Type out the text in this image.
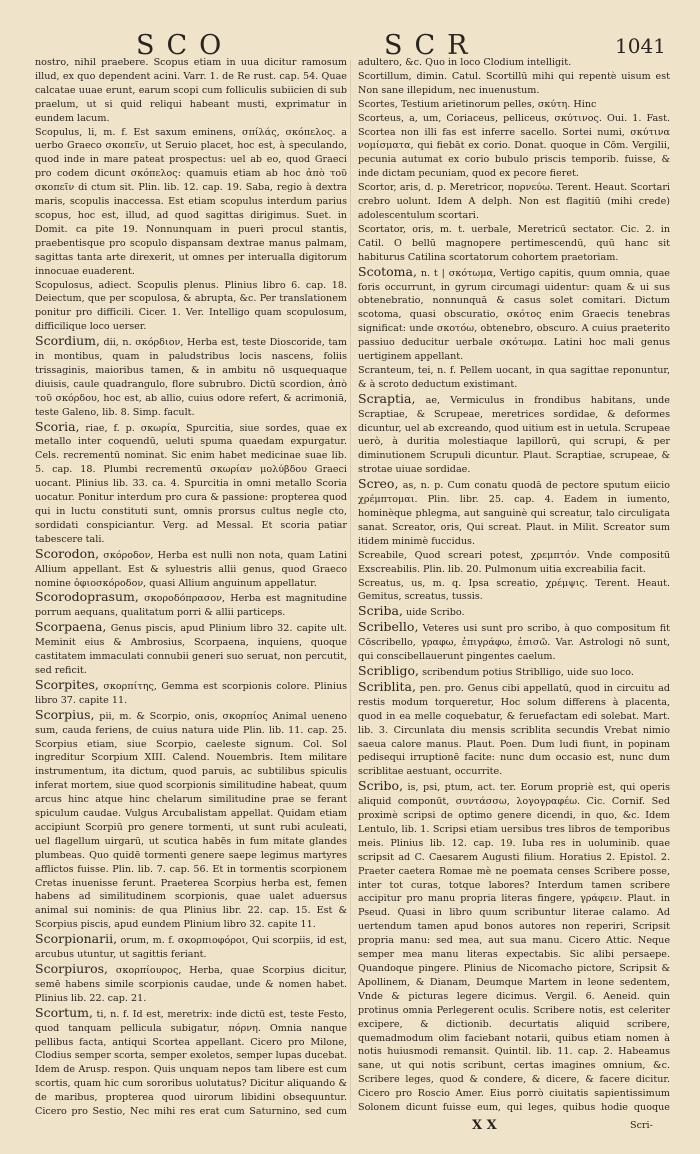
SCO	SCR	1041

nostro, nihil praebere. Scopus etiam in uua dicitur ramosum illud, ex quo dependent acini. Varr. 1. de Re rust. cap. 54. Quae calcatae uuae erunt, earum scopi cum folliculis subiicien di sub praelum, ut si quid reliqui habeant musti, exprimatur in eundem lacum.

Scopulus, li, m. f. Est saxum eminens, σπίλάς, σκόπελος. a uerbo Graeco σκοπεῖν, ut Seruio placet, hoc est, à speculando, quod inde in mare pateat prospectus: uel ab eo, quod Graeci pro codem dicunt σκόπελος: quamuis etiam ab hoc ἀπὸ τοῦ σκοπεῖν di ctum sit. Plin. lib. 12. cap. 19. Saba, regio à dextra maris, scopulis inaccessa. Est etiam scopulus interdum parius scopus, hoc est, illud, ad quod sagittas dirigimus. Suet. in Domit. ca pite 19. Nonnunquam in pueri procul stantis, praebentisque pro scopulo dispansam dextrae manus palmam, sagittas tanta arte direxerit, ut omnes per interualla digitorum innocuae euaderent.

Scopulosus, adiect. Scopulis plenus. Plinius libro 6. cap. 18. Deiectum, que per scopulosa, & abrupta, &c. Per translationem ponitur pro difficili. Cicer. 1. Ver. Intelligo quam scopulosum, difficilique loco uerser.

Scordium, dii, n. σκόρδιον, Herba est, teste Dioscoride, tam in montibus, quam in paludstribus locis nascens, foliis trissaginis, maioribus tamen, & in ambitu nō usquequaque diuisis, caule quadrangulo, flore subrubro. Dictū scordion, ἀπὸ τοῦ σκόρδου, hoc est, ab allio, cuius odore refert, & acrimoniā, teste Galeno, lib. 8. Simp. facult.

Scoria, riae, f. p. σκωρία, Spurcitia, siue sordes, quae ex metallo inter coquendū, ueluti spuma quaedam expurgatur. Cels. recrementū nominat. Sic enim habet medicinae suae lib. 5. cap. 18. Plumbi recrementū σκωρίαν μολύβδου Graeci uocant. Plinius lib. 33. ca. 4. Spurcitia in omni metallo Scoria uocatur. Ponitur interdum pro cura & passione: propterea quod qui in luctu constituti sunt, omnis prorsus cultus negle cto, sordidati conspiciantur. Verg. ad Messal. Et scoria patiar tabescere tali.

Scorodon, σκόροδον, Herba est nulli non nota, quam Latini Allium appellant. Est & syluestris allii genus, quod Graeco nomine ὀφιοσκόροδον, quasi Allium anguinum appellatur.

Scorodoprasum, σκοροδόπρασον, Herba est magnitudine porrum aequans, qualitatum porri & allii particeps.

Scorpaena, Genus piscis, apud Plinium libro 32. capite ult. Meminit eius & Ambrosius, Scorpaena, inquiens, quoque castitatem immaculati connubii generi suo seruat, non percutit, sed reficit.

Scorpites, σκορπίτης, Gemma est scorpionis colore. Plinius libro 37. capite 11.

Scorpius, pii, m. & Scorpio, onis, σκορπίος Animal ueneno sum, cauda feriens, de cuius natura uide Plin. lib. 11. cap. 25. Scorpius etiam, siue Scorpio, caeleste signum. Col. Sol ingreditur Scorpium XIII. Calend. Nouembris. Item militare instrumentum, ita dictum, quod paruis, ac subtilibus spiculis inferat mortem, siue quod scorpionis similitudine habeat, quum arcus hinc atque hinc chelarum similitudine prae se ferant spiculum caudae. Vulgus Arcubalistam appellat. Quidam etiam accipiunt Scorpiū pro genere tormenti, ut sunt rubi aculeati, uel flagellum uirgarū, ut scutica habēs in fum mitate glandes plumbeas. Quo quidē tormenti genere saepe legimus martyres afflictos fuisse. Plin. lib. 7. cap. 56. Et in tormentis scorpionem Cretas inuenisse ferunt. Praeterea Scorpius herba est, femen habens ad similitudinem scorpionis, quae ualet aduersus animal sui nominis: de qua Plinius libr. 22. cap. 15. Est & Scorpius piscis, apud eundem Plinium libro 32. capite 11.

Scorpionarii, orum, m. f. σκορπιοφόροι, Qui scorpiis, id est, arcubus utuntur, ut sagittis feriant.

Scorpiuros, σκορπίουρος, Herba, quae Scorpius dicitur, semē habens simile scorpionis caudae, unde & nomen habet. Plinius lib. 22. cap. 21.

Scortum, ti, n. f. Id est, meretrix: inde dictū est, teste Festo, quod tanquam pellicula subigatur, πόρνη. Omnia nanque pellibus facta, antiqui Scortea appellant. Cicero pro Milone, Clodius semper scorta, semper exoletos, semper lupas ducebat. Idem de Arusp. respon. Quis unquam nepos tam libere est cum scortis, quam hic cum sororibus uolutatus? Dicitur aliquando & de maribus, propterea quod uirorum libidini obsequuntur. Cicero pro Sestio, Nec mihi res erat cum Saturnino, sed cum

adultero, &c. Quo in loco Clodium intelligit.

Scortillum, dimin. Catul. Scortillū mihi qui repentè uisum est Non sane illepidum, nec inuenustum.

Scortes, Testium arietinorum pelles, σκύτη. Hinc

Scorteus, a, um, Coriaceus, pelliceus, σκύτινος. Oui. 1. Fast. Scortea non illi fas est inferre sacello. Sortei numi, σκύτινα νομίσματα, qui fiebāt ex corio. Donat. quoque in Cōm. Vergilii, pecunia autumat ex corio bubulo priscis temporib. fuisse, & inde dictam pecuniam, quod ex pecore fieret.

Scortor, aris, d. p. Meretricor, πορνεύω. Terent. Heaut. Scortari crebro uolunt. Idem A delph. Non est flagitiū (mihi crede) adolescentulum scortari.

Scortator, oris, m. t. uerbale, Meretricū sectator. Cic. 2. in Catil. O bellū magnopere pertimescendū, quū hanc sit habiturus Catilina scortatorum cohortem praetoriam.

Scotoma, n. t | σκότωμα, Vertigo capitis, quum omnia, quae foris occurrunt, in gyrum circumagi uidentur: quam & ui sus obtenebratio, nonnunquā & casus solet comitari. Dictum scotoma, quasi obscuratio, σκότος enim Graecis tenebras significat: unde σκοτόω, obtenebro, obscuro. A cuius praeterito passiuo deducitur uerbale σκότωμα. Latini hoc mali genus uertiginem appellant.

Scranteum, tei, n. f. Pellem uocant, in qua sagittae reponuntur, & à scroto deductum existimant.

Scraptia, ae, Vermiculus in frondibus habitans, unde Scraptiae, & Scrupeae, meretrices sordidae, & deformes dicuntur, uel ab excreando, quod uitium est in uetula. Scrupeae uerò, à duritia molestiaque lapillorū, qui scrupi, & per diminutionem Scrupuli dicuntur. Plaut. Scraptiae, scrupeae, & strotae uiuae sordidae.

Screo, as, n. p. Cum conatu quodā de pectore sputum eiicio χρέμπτομαι. Plin. libr. 25. cap. 4. Eadem in iumento, hominèque phlegma, aut sanguinè qui screatur, talo circuligata sanat. Screator, oris, Qui screat. Plaut. in Milit. Screator sum itidem minimè fuccidus.

Screabile, Quod screari potest, χρεμπτόν. Vnde compositū Exscreabilis. Plin. lib. 20. Pulmonum uitia excreabilia facit.

Screatus, us, m. q. Ipsa screatio, χρέμψις. Terent. Heaut. Gemitus, screatus, tussis.

Scriba, uide Scribo.

Scribello, Veteres usi sunt pro scribo, à quo compositum fit Cōscribello, γραφω, ἐπιγράφω, ἐπισῶ. Var. Astrologi nō sunt, qui conscibellauerunt pingentes caelum.

Scribligo, scribendum potius Striblligo, uide suo loco.

Scriblita, pen. pro. Genus cibi appellatū, quod in circuitu ad restis modum torqueretur, Hoc solum differens à placenta, quod in ea melle coquebatur, & feruefactam edi solebat. Mart. lib. 3. Circunlata diu mensis scriblita secundis Vrebat nimio saeua calore manus. Plaut. Poen. Dum ludi fiunt, in popinam pedisequi irruptionē facite: nunc dum occasio est, nunc dum scriblitae aestuant, occurrite.

Scribo, is, psi, ptum, act. ter. Eorum propriè est, qui operis aliquid componūt, συντάσσω, λογογραφέω. Cic. Cornif. Sed proximè scripsi de optimo genere dicendi, in quo, &c. Idem Lentulo, lib. 1. Scripsi etiam uersibus tres libros de temporibus meis. Plinius lib. 12. cap. 19. Iuba res in uoluminib. quae scripsit ad C. Caesarem Augusti filium. Horatius 2. Epistol. 2. Praeter caetera Romae mè ne poemata censes Scribere posse, inter tot curas, totque labores? Interdum tamen scribere accipitur pro manu propria literas fingere, γράφειν. Plaut. in Pseud. Quasi in libro quum scribuntur literae calamo. Ad uertendum tamen apud bonos autores non reperiri, Scripsit propria manu: sed mea, aut sua manu. Cicero Attic. Neque semper mea manu literas expectabis. Sic alibi persaepe. Quandoque pingere. Plinius de Nicomacho pictore, Scripsit & Apollinem, & Dianam, Deumque Martem in leone sedentem, Vnde & picturas legere dicimus. Vergil. 6. Aeneid. quin protinus omnia Perlegerent oculis. Scribere notis, est celeriter excipere, & dictionib. decurtatis aliquid scribere, quemadmodum olim faciebant notarii, quibus etiam nomen à notis huiusmodi remansit. Quintil. lib. 11. cap. 2. Habeamus sane, ut qui notis scribunt, certas imagines omnium, &c. Scribere leges, quod & condere, & dicere, & facere dicitur. Cicero pro Roscio Amer. Eius porrò ciuitatis sapientissimum Solonem dicunt fuisse eum, qui leges, quibus hodie quoque

X X	Scri-
